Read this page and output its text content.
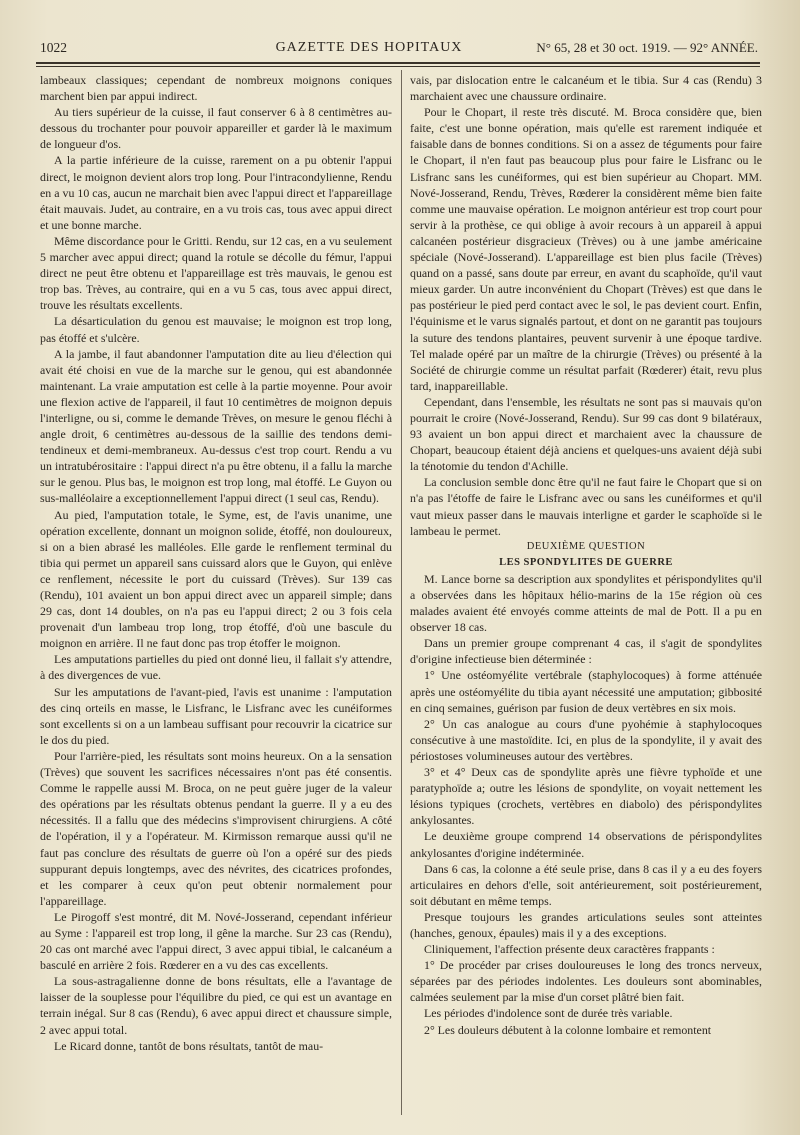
1022	GAZETTE DES HOPITAUX	N° 65, 28 et 30 oct. 1919. — 92° ANNÉE.

lambeaux classiques; cependant de nombreux moignons coniques marchent bien par appui indirect.

Au tiers supérieur de la cuisse, il faut conserver 6 à 8 centimètres au-dessous du trochanter pour pouvoir appareiller et garder là le maximum de longueur d'os.

A la partie inférieure de la cuisse, rarement on a pu obtenir l'appui direct, le moignon devient alors trop long. Pour l'intracondylienne, Rendu en a vu 10 cas, aucun ne marchait bien avec l'appui direct et l'appareillage était mauvais. Judet, au contraire, en a vu trois cas, tous avec appui direct et une bonne marche.

Même discordance pour le Gritti. Rendu, sur 12 cas, en a vu seulement 5 marcher avec appui direct; quand la rotule se décolle du fémur, l'appui direct ne peut être obtenu et l'appareillage est très mauvais, le genou est trop bas. Trèves, au contraire, qui en a vu 5 cas, tous avec appui direct, trouve les résultats excellents.

La désarticulation du genou est mauvaise; le moignon est trop long, pas étoffé et s'ulcère.

A la jambe, il faut abandonner l'amputation dite au lieu d'élection qui avait été choisi en vue de la marche sur le genou, qui est abandonnée maintenant. La vraie amputation est celle à la partie moyenne. Pour avoir une flexion active de l'appareil, il faut 10 centimètres de moignon depuis l'interligne, ou si, comme le demande Trèves, on mesure le genou fléchi à angle droit, 6 centimètres au-dessous de la saillie des tendons demi-tendineux et demi-membraneux. Au-dessus c'est trop court. Rendu a vu un intratubérositaire : l'appui direct n'a pu être obtenu, il a fallu la marche sur le genou. Plus bas, le moignon est trop long, mal étoffé. Le Guyon ou sus-malléolaire a exceptionnellement l'appui direct (1 seul cas, Rendu).

Au pied, l'amputation totale, le Syme, est, de l'avis unanime, une opération excellente, donnant un moignon solide, étoffé, non douloureux, si on a bien abrasé les malléoles. Elle garde le renflement terminal du tibia qui permet un appareil sans cuissard alors que le Guyon, qui enlève ce renflement, nécessite le port du cuissard (Trèves). Sur 139 cas (Rendu), 101 avaient un bon appui direct avec un appareil simple; dans 29 cas, dont 14 doubles, on n'a pas eu l'appui direct; 2 ou 3 fois cela provenait d'un lambeau trop long, trop étoffé, d'où une bascule du moignon en arrière. Il ne faut donc pas trop étoffer le moignon.

Les amputations partielles du pied ont donné lieu, il fallait s'y attendre, à des divergences de vue.

Sur les amputations de l'avant-pied, l'avis est unanime : l'amputation des cinq orteils en masse, le Lisfranc, le Lisfranc avec les cunéiformes sont excellents si on a un lambeau suffisant pour recouvrir la cicatrice sur le dos du pied.

Pour l'arrière-pied, les résultats sont moins heureux. On a la sensation (Trèves) que souvent les sacrifices nécessaires n'ont pas été consentis. Comme le rappelle aussi M. Broca, on ne peut guère juger de la valeur des opérations par les résultats obtenus pendant la guerre. Il y a eu des nécessités. Il a fallu que des médecins s'improvisent chirurgiens. A côté de l'opération, il y a l'opérateur. M. Kirmisson remarque aussi qu'il ne faut pas conclure des résultats de guerre où l'on a opéré sur des pieds suppurant depuis longtemps, avec des névrites, des cicatrices profondes, et les comparer à ceux qu'on peut obtenir normalement pour l'appareillage.

Le Pirogoff s'est montré, dit M. Nové-Josserand, cependant inférieur au Syme : l'appareil est trop long, il gêne la marche. Sur 23 cas (Rendu), 20 cas ont marché avec l'appui direct, 3 avec appui tibial, le calcanéum a basculé en arrière 2 fois. Rœderer en a vu des cas excellents.

La sous-astragalienne donne de bons résultats, elle a l'avantage de laisser de la souplesse pour l'équilibre du pied, ce qui est un avantage en terrain inégal. Sur 8 cas (Rendu), 6 avec appui direct et chaussure simple, 2 avec appui total.

Le Ricard donne, tantôt de bons résultats, tantôt de mau-

vais, par dislocation entre le calcanéum et le tibia. Sur 4 cas (Rendu) 3 marchaient avec une chaussure ordinaire.

Pour le Chopart, il reste très discuté. M. Broca considère que, bien faite, c'est une bonne opération, mais qu'elle est rarement indiquée et faisable dans de bonnes conditions. Si on a assez de téguments pour faire le Chopart, il n'en faut pas beaucoup plus pour faire le Lisfranc ou le Lisfranc sans les cunéiformes, qui est bien supérieur au Chopart. MM. Nové-Josserand, Rendu, Trèves, Rœderer la considèrent même bien faite comme une mauvaise opération. Le moignon antérieur est trop court pour servir à la prothèse, ce qui oblige à avoir recours à un appareil à appui calcanéen postérieur disgracieux (Trèves) ou à une jambe américaine spéciale (Nové-Josserand). L'appareillage est bien plus facile (Trèves) quand on a passé, sans doute par erreur, en avant du scaphoïde, qu'il vaut mieux garder. Un autre inconvénient du Chopart (Trèves) est que dans le pas postérieur le pied perd contact avec le sol, le pas devient court. Enfin, l'équinisme et le varus signalés partout, et dont on ne garantit pas toujours la suture des tendons plantaires, peuvent survenir à une époque tardive. Tel malade opéré par un maître de la chirurgie (Trèves) ou présenté à la Société de chirurgie comme un résultat parfait (Rœderer) était, revu plus tard, inappareillable.

Cependant, dans l'ensemble, les résultats ne sont pas si mauvais qu'on pourrait le croire (Nové-Josserand, Rendu). Sur 99 cas dont 9 bilatéraux, 93 avaient un bon appui direct et marchaient avec la chaussure de Chopart, beaucoup étaient déjà anciens et quelques-uns avaient déjà subi la ténotomie du tendon d'Achille.

La conclusion semble donc être qu'il ne faut faire le Chopart que si on n'a pas l'étoffe de faire le Lisfranc avec ou sans les cunéiformes et qu'il vaut mieux passer dans le mauvais interligne et garder le scaphoïde si le lambeau le permet.

DEUXIÈME QUESTION

LES SPONDYLITES DE GUERRE

M. Lance borne sa description aux spondylites et périspondylites qu'il a observées dans les hôpitaux hélio-marins de la 15e région où ces malades avaient été envoyés comme atteints de mal de Pott. Il a pu en observer 18 cas.

Dans un premier groupe comprenant 4 cas, il s'agit de spondylites d'origine infectieuse bien déterminée :

1° Une ostéomyélite vertébrale (staphylocoques) à forme atténuée après une ostéomyélite du tibia ayant nécessité une amputation; gibbosité en cinq semaines, guérison par fusion de deux vertèbres en six mois.

2° Un cas analogue au cours d'une pyohémie à staphylocoques consécutive à une mastoïdite. Ici, en plus de la spondylite, il y avait des périostoses volumineuses autour des vertèbres.

3° et 4° Deux cas de spondylite après une fièvre typhoïde et une paratyphoïde a; outre les lésions de spondylite, on voyait nettement les lésions typiques (crochets, vertèbres en diabolo) des périspondylites ankylosantes.

Le deuxième groupe comprend 14 observations de périspondylites ankylosantes d'origine indéterminée.

Dans 6 cas, la colonne a été seule prise, dans 8 cas il y a eu des foyers articulaires en dehors d'elle, soit antérieurement, soit postérieurement, soit débutant en même temps.

Presque toujours les grandes articulations seules sont atteintes (hanches, genoux, épaules) mais il y a des exceptions.

Cliniquement, l'affection présente deux caractères frappants :

1° De procéder par crises douloureuses le long des troncs nerveux, séparées par des périodes indolentes. Les douleurs sont abominables, calmées seulement par la mise d'un corset plâtré bien fait.

Les périodes d'indolence sont de durée très variable.

2° Les douleurs débutent à la colonne lombaire et remontent
